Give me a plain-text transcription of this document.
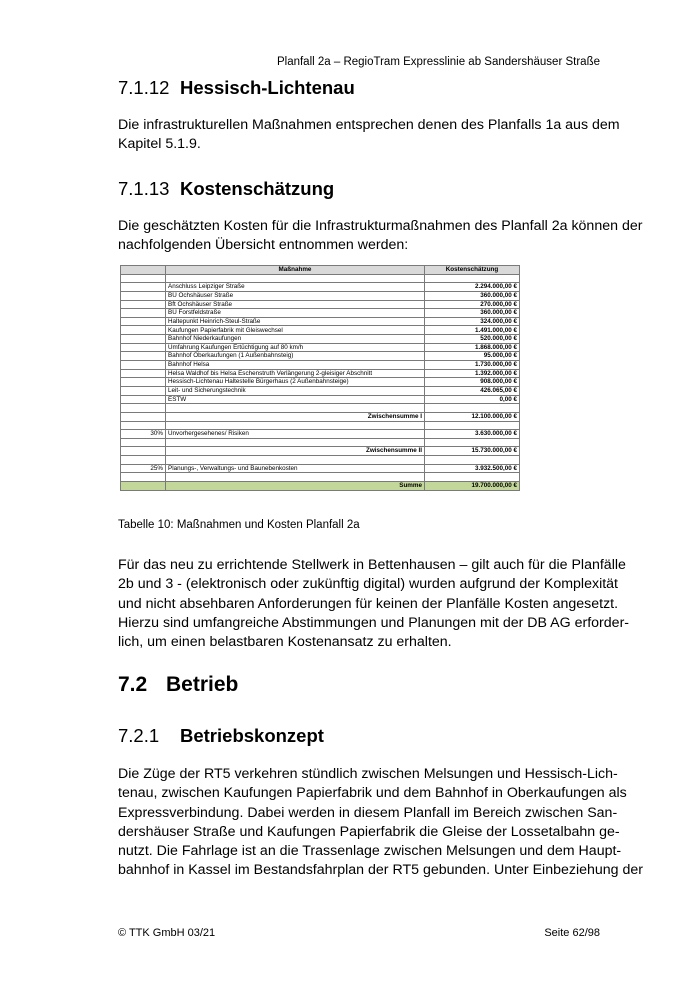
Planfall 2a – RegioTram Expresslinie ab Sandershäuser Straße
7.1.12 Hessisch-Lichtenau
Die infrastrukturellen Maßnahmen entsprechen denen des Planfalls 1a aus dem
Kapitel 5.1.9.
7.1.13 Kostenschätzung
Die geschätzten Kosten für die Infrastrukturmaßnahmen des Planfall 2a können der
nachfolgenden Übersicht entnommen werden:
	Maßnahme	Kostenschätzung

	Anschluss Leipziger Straße	2.294.000,00 €
	BÜ Ochshäuser Straße	360.000,00 €
	Bft Ochshäuser Straße	270.000,00 €
	BÜ Forstfeldstraße	360.000,00 €
	Haltepunkt Heinrich-Steul-Straße	324.000,00 €
	Kaufungen Papierfabrik mit Gleiswechsel	1.491.000,00 €
	Bahnhof Niederkaufungen	520.000,00 €
	Umfahrung Kaufungen Ertüchtigung auf 80 km/h	1.868.000,00 €
	Bahnhof Oberkaufungen (1 Außenbahnsteig)	95.000,00 €
	Bahnhof Helsa	1.730.000,00 €
	Helsa Waldhof bis Helsa Eschenstruth Verlängerung 2-gleisiger Abschnitt	1.392.000,00 €
	Hessisch-Lichtenau Haltestelle Bürgerhaus (2 Außenbahnsteige)	908.000,00 €
	Leit- und Sicherungstechnik	426.065,00 €
	ESTW	0,00 €

	Zwischensumme I	12.100.000,00 €

30%	Unvorhergesehenes/ Risiken	3.630.000,00 €

	Zwischensumme II	15.730.000,00 €

25%	Planungs-, Verwaltungs- und Baunebenkosten	3.932.500,00 €

	Summe	19.700.000,00 €
Tabelle 10: Maßnahmen und Kosten Planfall 2a
Für das neu zu errichtende Stellwerk in Bettenhausen – gilt auch für die Planfälle
2b und 3 - (elektronisch oder zukünftig digital) wurden aufgrund der Komplexität
und nicht absehbaren Anforderungen für keinen der Planfälle Kosten angesetzt.
Hierzu sind umfangreiche Abstimmungen und Planungen mit der DB AG erforder-
lich, um einen belastbaren Kostenansatz zu erhalten.
7.2 Betrieb
7.2.1 Betriebskonzept
Die Züge der RT5 verkehren stündlich zwischen Melsungen und Hessisch-Lich-
tenau, zwischen Kaufungen Papierfabrik und dem Bahnhof in Oberkaufungen als
Expressverbindung. Dabei werden in diesem Planfall im Bereich zwischen San-
dershäuser Straße und Kaufungen Papierfabrik die Gleise der Lossetalbahn ge-
nutzt. Die Fahrlage ist an die Trassenlage zwischen Melsungen und dem Haupt-
bahnhof in Kassel im Bestandsfahrplan der RT5 gebunden. Unter Einbeziehung der
© TTK GmbH 03/21	Seite 62/98
